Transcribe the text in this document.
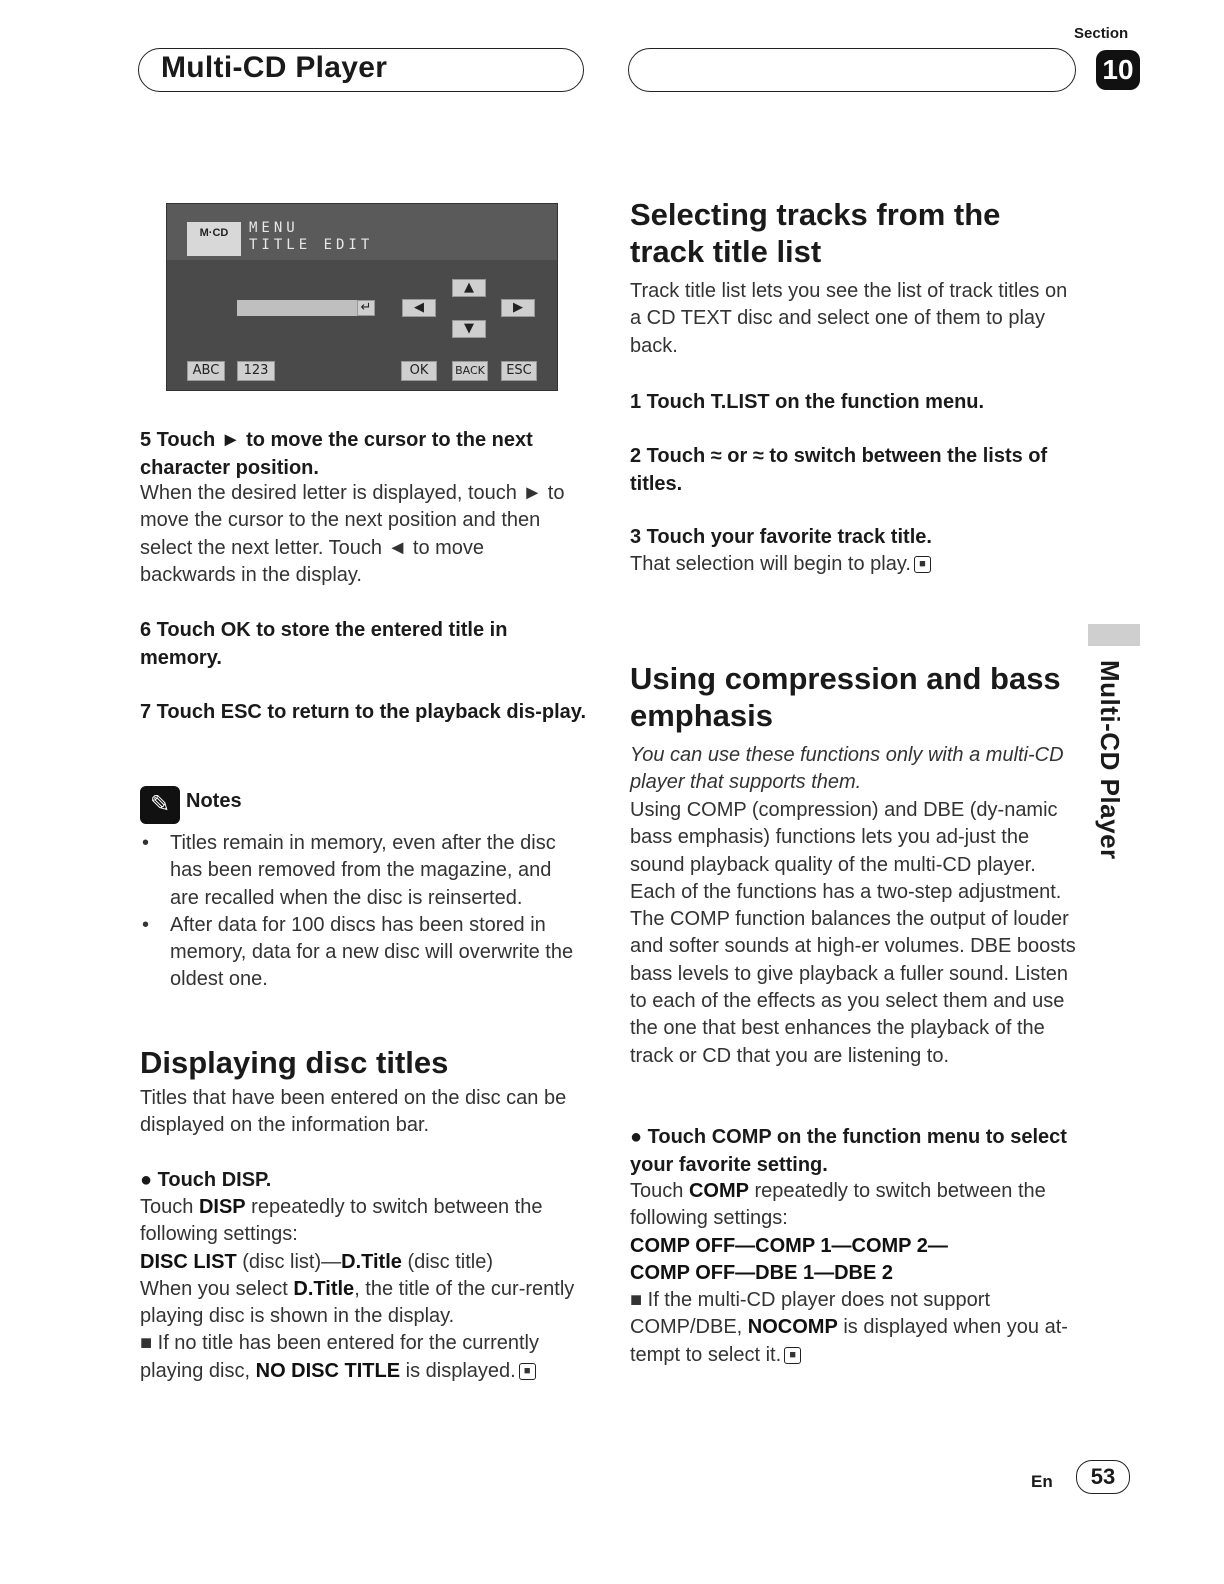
Multi-CD Player
Section
10
M·CD	MENU
TITLE EDIT
↵
▲
◀	▶
▼
ABC	123	OK	BACK	ESC
5 Touch ► to move the cursor to the next character position.
When the desired letter is displayed, touch ► to move the cursor to the next position and then select the next letter. Touch ◄ to move backwards in the display.
6 Touch OK to store the entered title in memory.
7 Touch ESC to return to the playback dis-play.
✎ Notes
• Titles remain in memory, even after the disc has been removed from the magazine, and are recalled when the disc is reinserted.
• After data for 100 discs has been stored in memory, data for a new disc will overwrite the oldest one.
Displaying disc titles
Titles that have been entered on the disc can be displayed on the information bar.
● Touch DISP.
Touch DISP repeatedly to switch between the following settings:
DISC LIST (disc list)—D.Title (disc title)
When you select D.Title, the title of the cur-rently playing disc is shown in the display.
■ If no title has been entered for the currently playing disc, NO DISC TITLE is displayed. ■
Selecting tracks from the track title list
Track title list lets you see the list of track titles on a CD TEXT disc and select one of them to play back.
1 Touch T.LIST on the function menu.
2 Touch ≈ or ≈ to switch between the lists of titles.
3 Touch your favorite track title.
That selection will begin to play. ■
Using compression and bass emphasis
You can use these functions only with a multi-CD player that supports them.
Using COMP (compression) and DBE (dy-namic bass emphasis) functions lets you ad-just the sound playback quality of the multi-CD player. Each of the functions has a two-step adjustment. The COMP function balances the output of louder and softer sounds at high-er volumes. DBE boosts bass levels to give playback a fuller sound. Listen to each of the effects as you select them and use the one that best enhances the playback of the track or CD that you are listening to.
● Touch COMP on the function menu to select your favorite setting.
Touch COMP repeatedly to switch between the following settings:
COMP OFF—COMP 1—COMP 2—
COMP OFF—DBE 1—DBE 2
■ If the multi-CD player does not support COMP/DBE, NOCOMP is displayed when you at-tempt to select it. ■
Multi-CD Player
En	53
